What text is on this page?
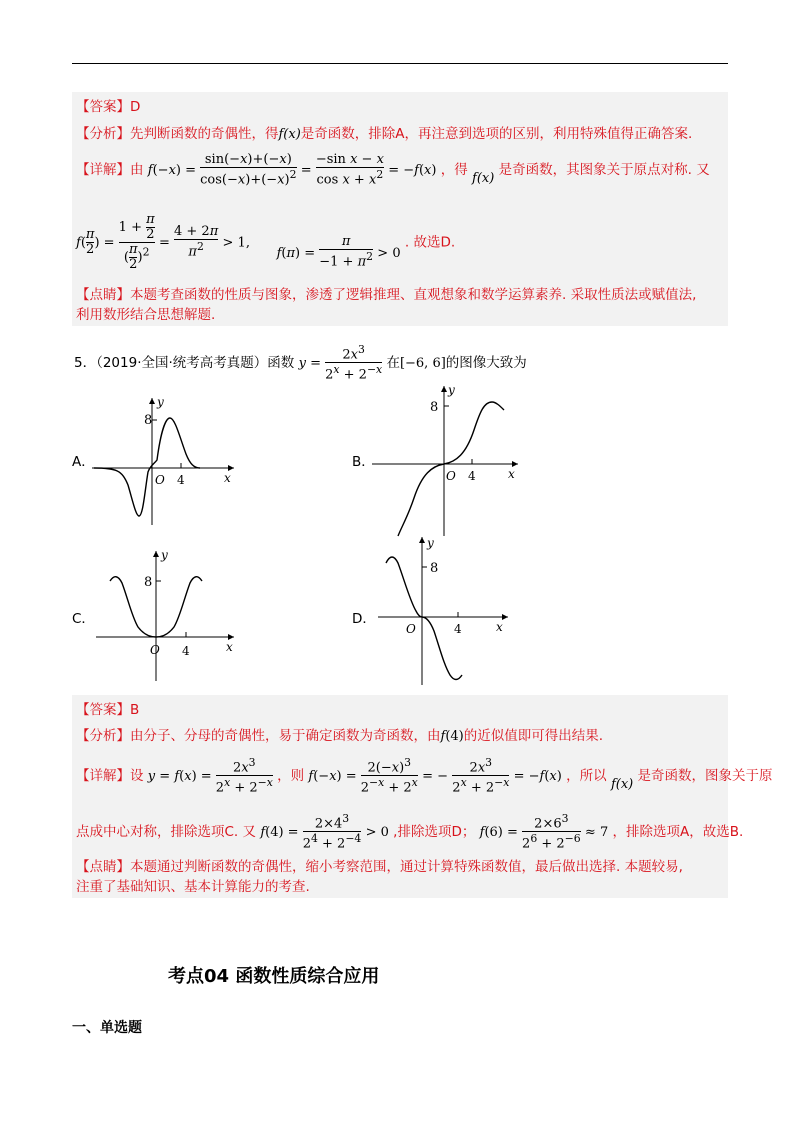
【答案】D
【分析】先判断函数的奇偶性，得f(x)是奇函数，排除A，再注意到选项的区别，利用特殊值得正确答案.
【详解】由 $f(-x) = \frac{\sin(-x)+(-x)}{\cos(-x)+(-x)^2} = \frac{\text{−sin x − x}}{\cos x + x^2} = -f(x)$ ，得 f(x) 是奇函数，其图象关于原点对称. 又
$f( \frac{\pi}{2}$ ) = $\frac{1 + \frac{\pi}{2}}{( \frac{\pi}{2} )^2} = \frac{4 + 2\pi}{\pi^2} > 1$,  $f(\pi) = \frac{\pi}{-1 + \pi^2} > 0$ . 故选D.
【点睛】本题考查函数的性质与图象，渗透了逻辑推理、直观想象和数学运算素养. 采取性质法或赋值法,
利用数形结合思想解题.
5．（2019·全国·统考高考真题）函数 $y = \frac{2x^3}{2^x + 2^{-x}}$ 在[−6, 6]的图像大致为
A．	B．
C．	D．
8
4
O	x
y	8
4
O	x
y
8
4
O	x
y
8
4
O	x
y
【答案】B
【分析】由分子、分母的奇偶性，易于确定函数为奇函数，由f(4)的近似值即可得出结果.
【详解】设 $y = f(x) = \frac{2x^3}{2^x + 2^{-x}}$ ，则 $f(-x) = \frac{2(-x)^3}{2^{-x} + 2^x}$ = − $\frac{2x^3}{2^x + 2^{-x}} = -f(x)$ ，所以 f(x) 是奇函数，图象关于原
点成中心对称，排除选项C. 又 $f(4) = \frac{2\times 4^3}{2^4 + 2^{-4}} > 0$ ,排除选项D； $f(6) = \frac{2\times 6^3}{2^6 + 2^{-6}} \approx 7$ ，排除选项A，故选B.
【点睛】本题通过判断函数的奇偶性，缩小考察范围，通过计算特殊函数值，最后做出选择. 本题较易,
注重了基础知识、基本计算能力的考查.
考点04 函数性质综合应用
一、单选题
